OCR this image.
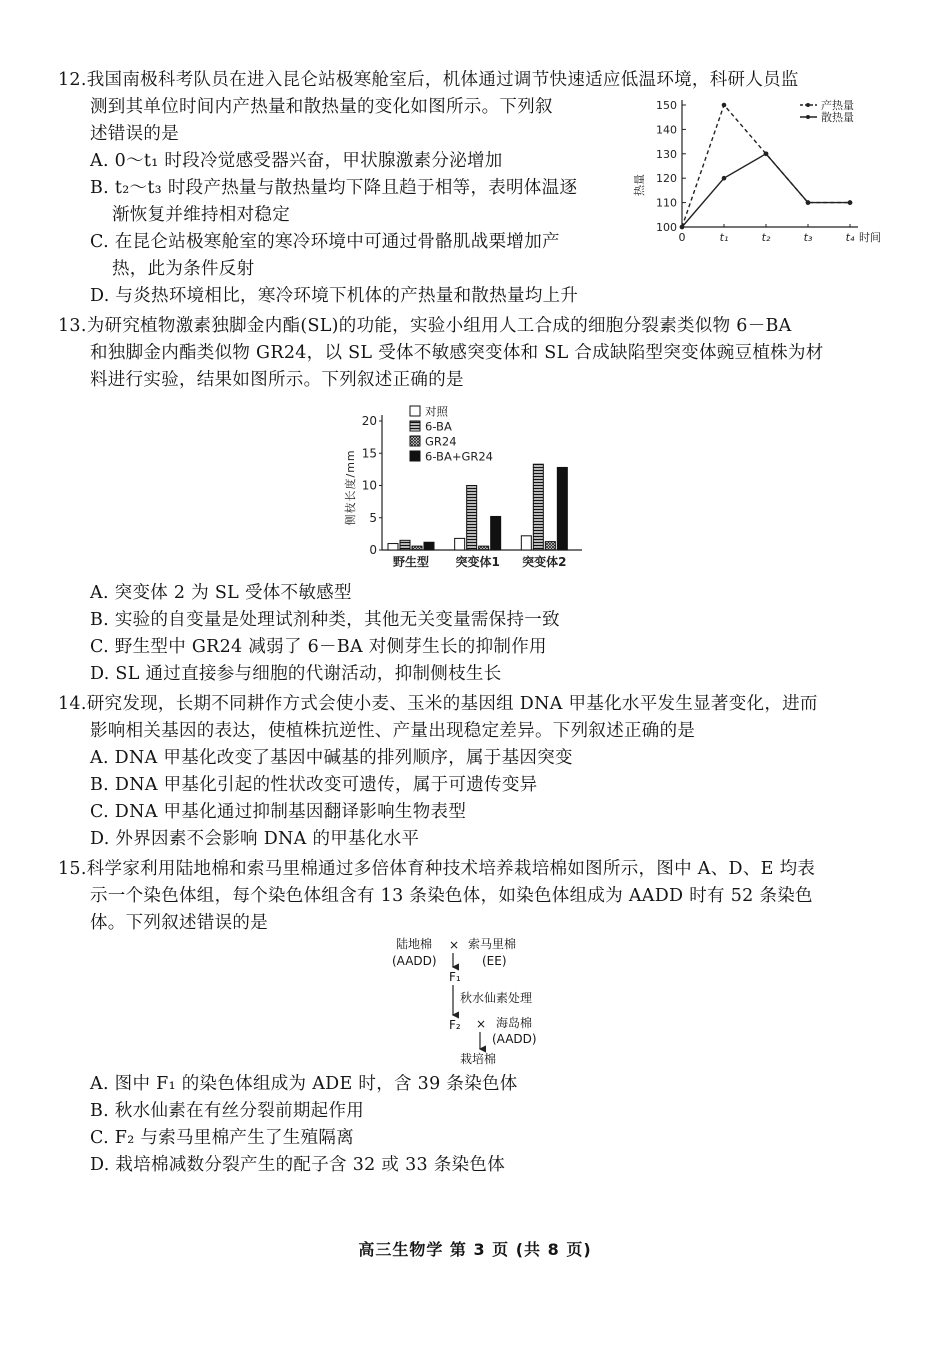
12.我国南极科考队员在进入昆仑站极寒舱室后，机体通过调节快速适应低温环境，科研人员监
测到其单位时间内产热量和散热量的变化如图所示。下列叙
述错误的是
A. 0～t₁ 时段冷觉感受器兴奋，甲状腺激素分泌增加
B. t₂～t₃ 时段产热量与散热量均下降且趋于相等，表明体温逐
渐恢复并维持相对稳定
C. 在昆仑站极寒舱室的寒冷环境中可通过骨骼肌战栗增加产
热，此为条件反射
D. 与炎热环境相比，寒冷环境下机体的产热量和散热量均上升
100
110
120
130
140
150
0	t₁	t₂	t₃	t₄ 时间
热量
产热量
散热量
13.为研究植物激素独脚金内酯(SL)的功能，实验小组用人工合成的细胞分裂素类似物 6－BA
和独脚金内酯类似物 GR24，以 SL 受体不敏感突变体和 SL 合成缺陷型突变体豌豆植株为材
料进行实验，结果如图所示。下列叙述正确的是
0
5
10
15
20
侧枝长度/mm
野生型 突变体1 突变体2
对照
6-BA
GR24
6-BA+GR24
A. 突变体 2 为 SL 受体不敏感型
B. 实验的自变量是处理试剂种类，其他无关变量需保持一致
C. 野生型中 GR24 减弱了 6－BA 对侧芽生长的抑制作用
D. SL 通过直接参与细胞的代谢活动，抑制侧枝生长
14.研究发现，长期不同耕作方式会使小麦、玉米的基因组 DNA 甲基化水平发生显著变化，进而
影响相关基因的表达，使植株抗逆性、产量出现稳定差异。下列叙述正确的是
A. DNA 甲基化改变了基因中碱基的排列顺序，属于基因突变
B. DNA 甲基化引起的性状改变可遗传，属于可遗传变异
C. DNA 甲基化通过抑制基因翻译影响生物表型
D. 外界因素不会影响 DNA 的甲基化水平
15.科学家利用陆地棉和索马里棉通过多倍体育种技术培养栽培棉如图所示，图中 A、D、E 均表
示一个染色体组，每个染色体组含有 13 条染色体，如染色体组成为 AADD 时有 52 条染色
体。下列叙述错误的是
陆地棉 × 索马里棉
(AADD)	(EE)
F₁
秋水仙素处理
F₂ × 海岛棉
(AADD)
栽培棉
A. 图中 F₁ 的染色体组成为 ADE 时，含 39 条染色体
B. 秋水仙素在有丝分裂前期起作用
C. F₂ 与索马里棉产生了生殖隔离
D. 栽培棉减数分裂产生的配子含 32 或 33 条染色体
高三生物学 第 3 页 (共 8 页)
